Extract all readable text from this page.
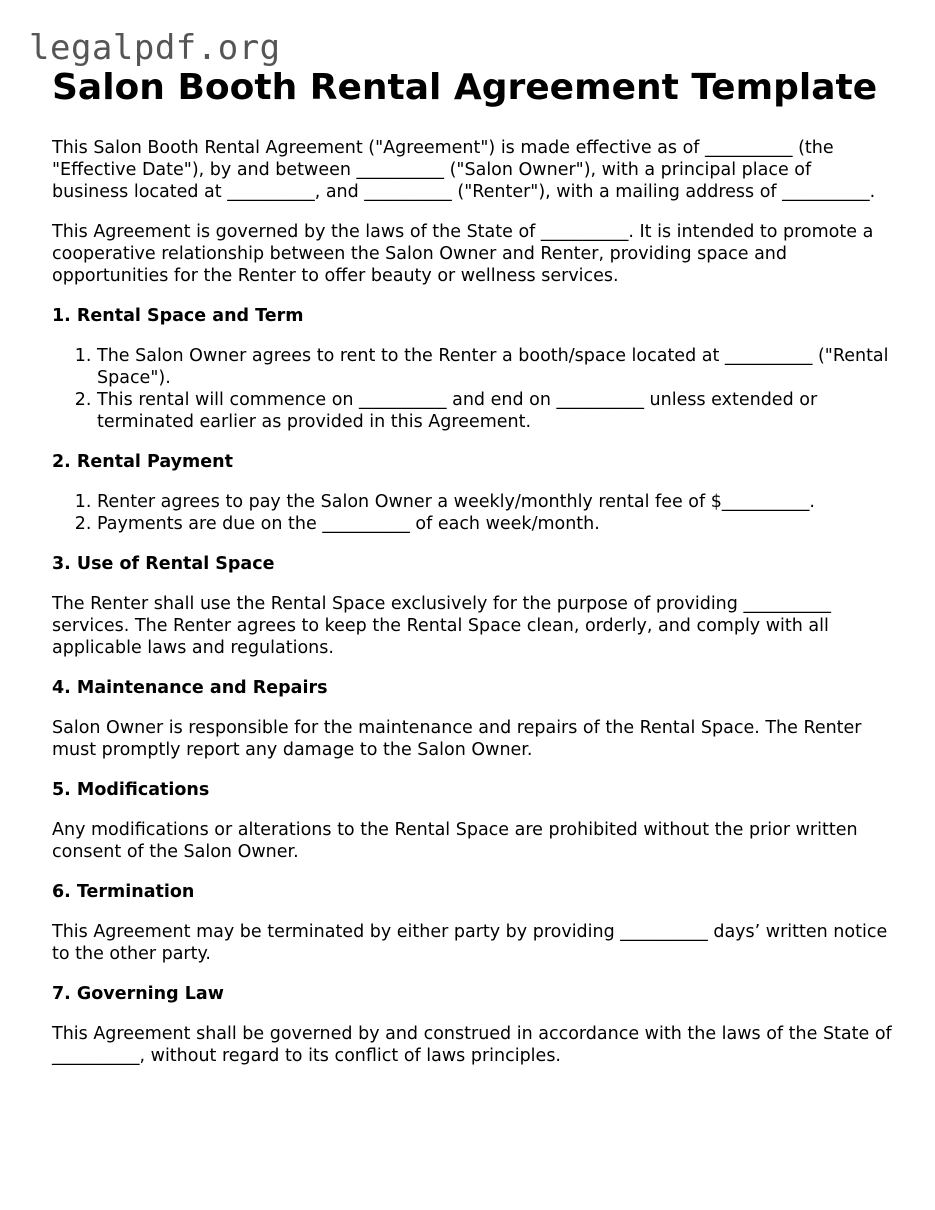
legalpdf.org
Salon Booth Rental Agreement Template

This Salon Booth Rental Agreement ("Agreement") is made effective as of __________ (the "Effective Date"), by and between __________ ("Salon Owner"), with a principal place of business located at __________, and __________ ("Renter"), with a mailing address of __________.

This Agreement is governed by the laws of the State of __________. It is intended to promote a cooperative relationship between the Salon Owner and Renter, providing space and opportunities for the Renter to offer beauty or wellness services.

1. Rental Space and Term
1. The Salon Owner agrees to rent to the Renter a booth/space located at __________ ("Rental Space").
2. This rental will commence on __________ and end on __________ unless extended or terminated earlier as provided in this Agreement.
2. Rental Payment
1. Renter agrees to pay the Salon Owner a weekly/monthly rental fee of $__________.
2. Payments are due on the __________ of each week/month.
3. Use of Rental Space

The Renter shall use the Rental Space exclusively for the purpose of providing __________ services. The Renter agrees to keep the Rental Space clean, orderly, and comply with all applicable laws and regulations.

4. Maintenance and Repairs

Salon Owner is responsible for the maintenance and repairs of the Rental Space. The Renter must promptly report any damage to the Salon Owner.

5. Modifications

Any modifications or alterations to the Rental Space are prohibited without the prior written consent of the Salon Owner.

6. Termination

This Agreement may be terminated by either party by providing __________ days’ written notice to the other party.

7. Governing Law

This Agreement shall be governed by and construed in accordance with the laws of the State of __________, without regard to its conflict of laws principles.
